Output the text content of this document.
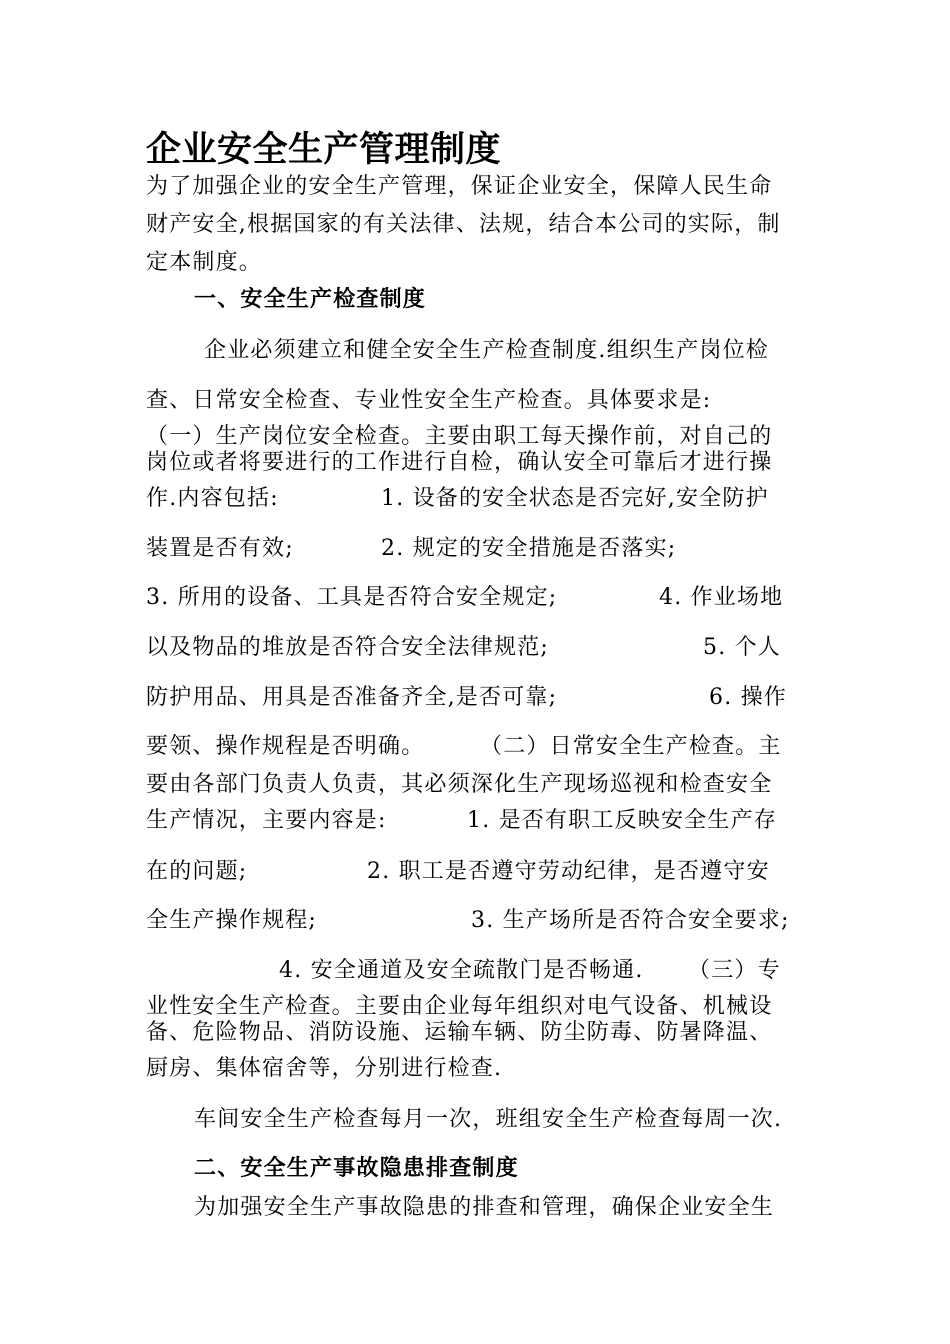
企业安全生产管理制度
为了加强企业的安全生产管理，保证企业安全，保障人民生命
财产安全,根据国家的有关法律、法规，结合本公司的实际，制
定本制度。
一、安全生产检查制度
企业必须建立和健全安全生产检查制度.组织生产岗位检
查、日常安全检查、专业性安全生产检查。具体要求是:
（一）生产岗位安全检查。主要由职工每天操作前，对自己的
岗位或者将要进行的工作进行自检，确认安全可靠后才进行操
作.内容包括:	1. 设备的安全状态是否完好,安全防护
装置是否有效;	2. 规定的安全措施是否落实;
3. 所用的设备、工具是否符合安全规定;	4. 作业场地
以及物品的堆放是否符合安全法律规范;	5. 个人
防护用品、用具是否准备齐全,是否可靠;	6. 操作
要领、操作规程是否明确。	（二）日常安全生产检查。主
要由各部门负责人负责，其必须深化生产现场巡视和检查安全
生产情况，主要内容是:	1. 是否有职工反映安全生产存
在的问题;	2. 职工是否遵守劳动纪律，是否遵守安
全生产操作规程;	3. 生产场所是否符合安全要求;
4. 安全通道及安全疏散门是否畅通. （三）专
业性安全生产检查。主要由企业每年组织对电气设备、机械设
备、危险物品、消防设施、运输车辆、防尘防毒、防暑降温、
厨房、集体宿舍等，分别进行检查.
车间安全生产检查每月一次，班组安全生产检查每周一次.
二、安全生产事故隐患排查制度
为加强安全生产事故隐患的排查和管理，确保企业安全生
